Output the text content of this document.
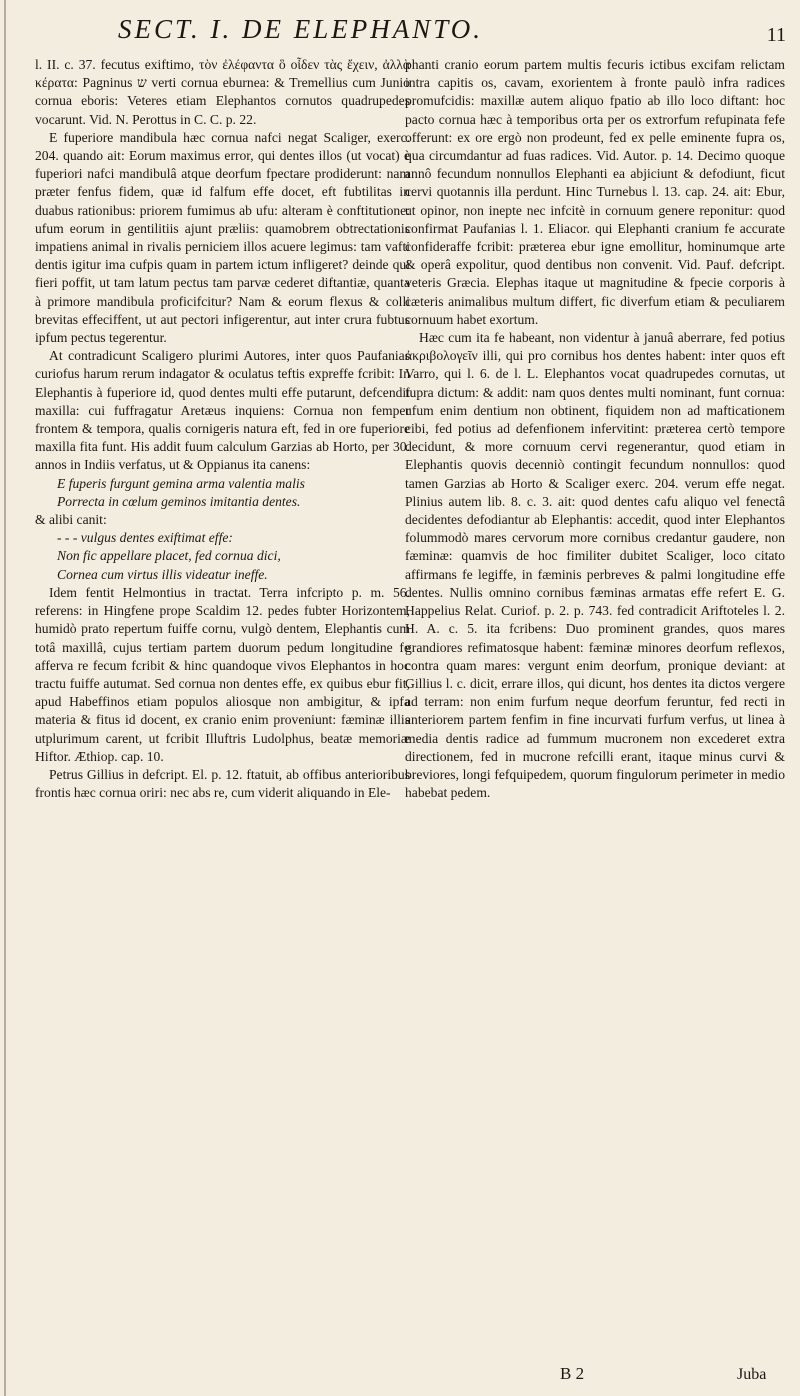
SECT. I. DE ELEPHANTO.	11

l. II. c. 37. fecutus exiftimo, τὸν ἐλέφαντα ὃ οἶδεν τὰς ἔχειν, ἀλλὰ κέρατα: Pagninus ש verti cornua eburnea: & Tremellius cum Junio cornua eboris: Veteres etiam Elephantos cornutos quadrupedes vocarunt. Vid. N. Perottus in C. C. p. 22.

E fuperiore mandibula hæc cornua nafci negat Scaliger, exerc. 204. quando ait: Eorum maximus error, qui dentes illos (ut vocat) è fuperiori nafci mandibulâ atque deorfum fpectare prodiderunt: nam præter fenfus fidem, quæ id falfum effe docet, eft fubtilitas in duabus rationibus: priorem fumimus ab ufu: alteram è conftitutione: ufum eorum in gentilitiis ajunt præliis: quamobrem obtrectationis impatiens animal in rivalis perniciem illos acuere legimus: tam vafti dentis igitur ima cufpis quam in partem ictum infligeret? deinde qui fieri poffit, ut tam latum pectus tam parvæ cederet diftantiæ, quanta à primore mandibula proficifcitur? Nam & eorum flexus & colli brevitas effeciffent, ut aut pectori infigerentur, aut inter crura fubtus ipfum pectus tegerentur.

At contradicunt Scaligero plurimi Autores, inter quos Paufanias curiofus harum rerum indagator & oculatus teftis expreffe fcribit: In Elephantis à fuperiore id, quod dentes multi effe putarunt, defcendit maxilla: cui fuffragatur Aretæus inquiens: Cornua non femper frontem & tempora, qualis cornigeris natura eft, fed in ore fuperiore maxilla fita funt. His addit fuum calculum Garzias ab Horto, per 30. annos in Indiis verfatus, ut & Oppianus ita canens:

E fuperis furgunt gemina arma valentia malis

Porrecta in cœlum geminos imitantia dentes.

& alibi canit:

- - - vulgus dentes exiftimat effe:

Non fic appellare placet, fed cornua dici,

Cornea cum virtus illis videatur ineffe.

Idem fentit Helmontius in tractat. Terra infcripto p. m. 56. referens: in Hingfene prope Scaldim 12. pedes fubter Horizontem, humidò prato repertum fuiffe cornu, vulgò dentem, Elephantis cum totâ maxillâ, cujus tertiam partem duorum pedum longitudine fe afferva re fecum fcribit & hinc quandoque vivos Elephantos in hoc tractu fuiffe autumat. Sed cornua non dentes effe, ex quibus ebur fit, apud Habeffinos etiam populos aliosque non ambigitur, & ipfa materia & fitus id docent, ex cranio enim proveniunt: fæminæ illis utplurimum carent, ut fcribit Illuftris Ludolphus, beatæ memoriæ Hiftor. Æthiop. cap. 10.

Petrus Gillius in defcript. El. p. 12. ftatuit, ab offibus anterioribus frontis hæc cornua oriri: nec abs re, cum viderit aliquando in Ele-

phanti cranio eorum partem multis fecuris ictibus excifam relictam intra capitis os, cavam, exorientem à fronte paulò infra radices promufcidis: maxillæ autem aliquo fpatio ab illo loco diftant: hoc pacto cornua hæc à temporibus orta per os extrorfum refupinata fefe offerunt: ex ore ergò non prodeunt, fed ex pelle eminente fupra os, qua circumdantur ad fuas radices. Vid. Autor. p. 14. Decimo quoque annô fecundum nonnullos Elephanti ea abjiciunt & defodiunt, ficut cervi quotannis illa perdunt. Hinc Turnebus l. 13. cap. 24. ait: Ebur, ut opinor, non inepte nec infcitè in cornuum genere reponitur: quod confirmat Paufanias l. 1. Eliacor. qui Elephanti cranium fe accurate confideraffe fcribit: præterea ebur igne emollitur, hominumque arte & operâ expolitur, quod dentibus non convenit. Vid. Pauf. defcript. veteris Græcia. Elephas itaque ut magnitudine & fpecie corporis à cæteris animalibus multum differt, fic diverfum etiam & peculiarem cornuum habet exortum.

Hæc cum ita fe habeant, non videntur à januâ aberrare, fed potius ἀκριβολογεῖν illi, qui pro cornibus hos dentes habent: inter quos eft Varro, qui l. 6. de l. L. Elephantos vocat quadrupedes cornutas, ut fupra dictum: & addit: nam quos dentes multi nominant, funt cornua: ufum enim dentium non obtinent, fiquidem non ad mafticationem cibi, fed potius ad defenfionem infervitint: præterea certò tempore decidunt, & more cornuum cervi regenerantur, quod etiam in Elephantis quovis decenniò contingit fecundum nonnullos: quod tamen Garzias ab Horto & Scaliger exerc. 204. verum effe negat. Plinius autem lib. 8. c. 3. ait: quod dentes cafu aliquo vel fenectâ decidentes defodiantur ab Elephantis: accedit, quod inter Elephantos folummodò mares cervorum more cornibus credantur gaudere, non fæminæ: quamvis de hoc fimiliter dubitet Scaliger, loco citato affirmans fe legiffe, in fæminis perbreves & palmi longitudine effe dentes. Nullis omnino cornibus fæminas armatas effe refert E. G. Happelius Relat. Curiof. p. 2. p. 743. fed contradicit Ariftoteles l. 2. H. A. c. 5. ita fcribens: Duo prominent grandes, quos mares grandiores refimatosque habent: fæminæ minores deorfum reflexos, contra quam mares: vergunt enim deorfum, pronique deviant: at Gillius l. c. dicit, errare illos, qui dicunt, hos dentes ita dictos vergere ad terram: non enim furfum neque deorfum feruntur, fed recti in anteriorem partem fenfim in fine incurvati furfum verfus, ut linea à media dentis radice ad fummum mucronem non excederet extra directionem, fed in mucrone refcilli erant, itaque minus curvi & breviores, longi fefquipedem, quorum fingulorum perimeter in medio habebat pedem.

B 2	Juba
